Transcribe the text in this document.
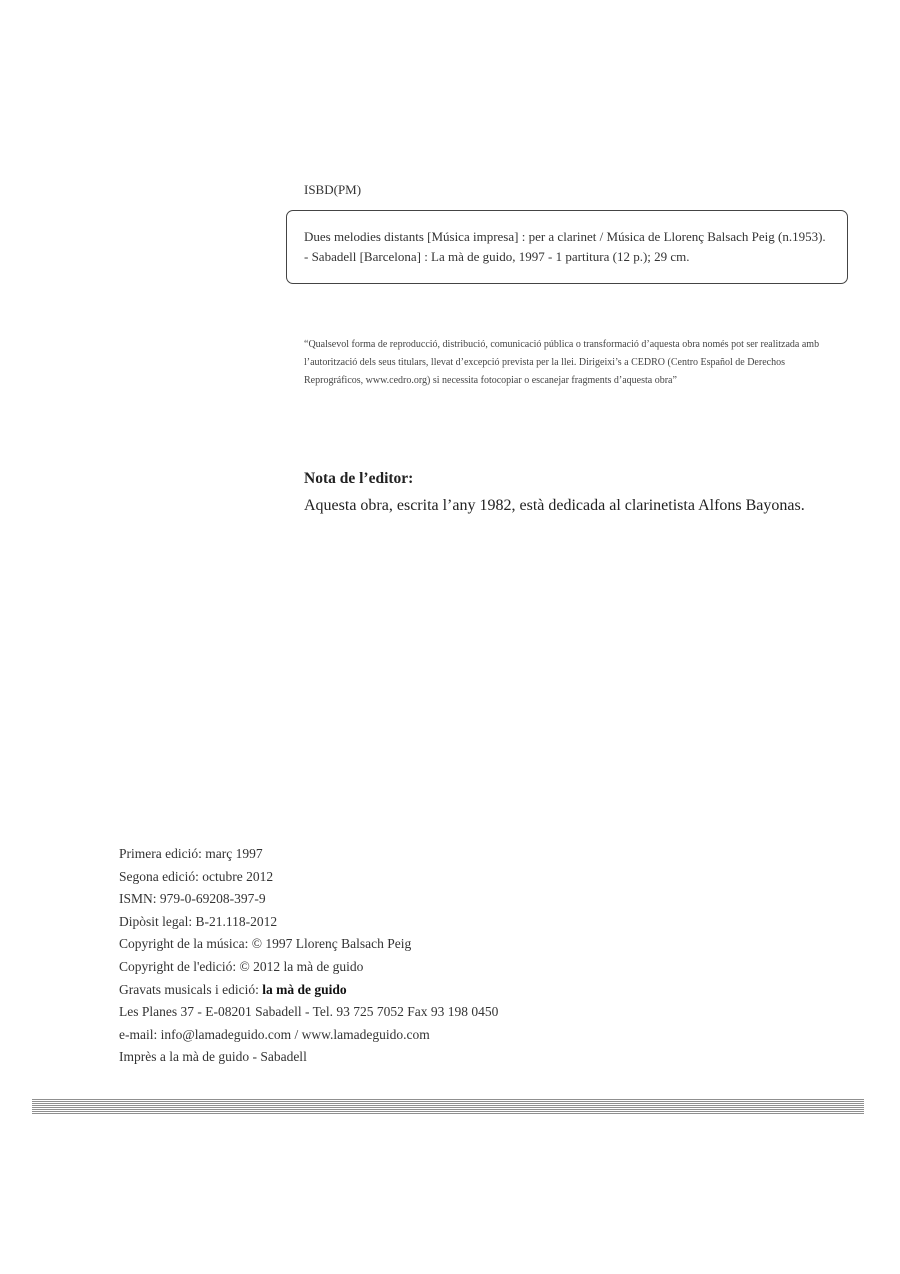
ISBD(PM)
Dues melodies distants [Música impresa] : per a clarinet / Música de Llorenç Balsach Peig (n.1953). - Sabadell [Barcelona] : La mà de guido, 1997 - 1 partitura (12 p.); 29 cm.
“Qualsevol forma de reproducció, distribució, comunicació pública o transformació d’aquesta obra només pot ser realitzada amb l’autorització dels seus titulars, llevat d’excepció prevista per la llei. Dirigeixi’s a CEDRO (Centro Español de Derechos Reprográficos, www.cedro.org) si necessita fotocopiar o escanejar fragments d’aquesta obra”
Nota de l’editor:
Aquesta obra, escrita l’any 1982, està dedicada al clarinetista Alfons Bayonas.
Primera edició: març 1997
Segona edició: octubre 2012
ISMN: 979-0-69208-397-9
Dipòsit legal: B-21.118-2012
Copyright de la música: © 1997 Llorenç Balsach Peig
Copyright de l'edició: © 2012 la mà de guido
Gravats musicals i edició: la mà de guido
Les Planes 37 - E-08201 Sabadell - Tel. 93 725 7052 Fax 93 198 0450
e-mail: info@lamadeguido.com / www.lamadeguido.com
Imprès a la mà de guido - Sabadell
